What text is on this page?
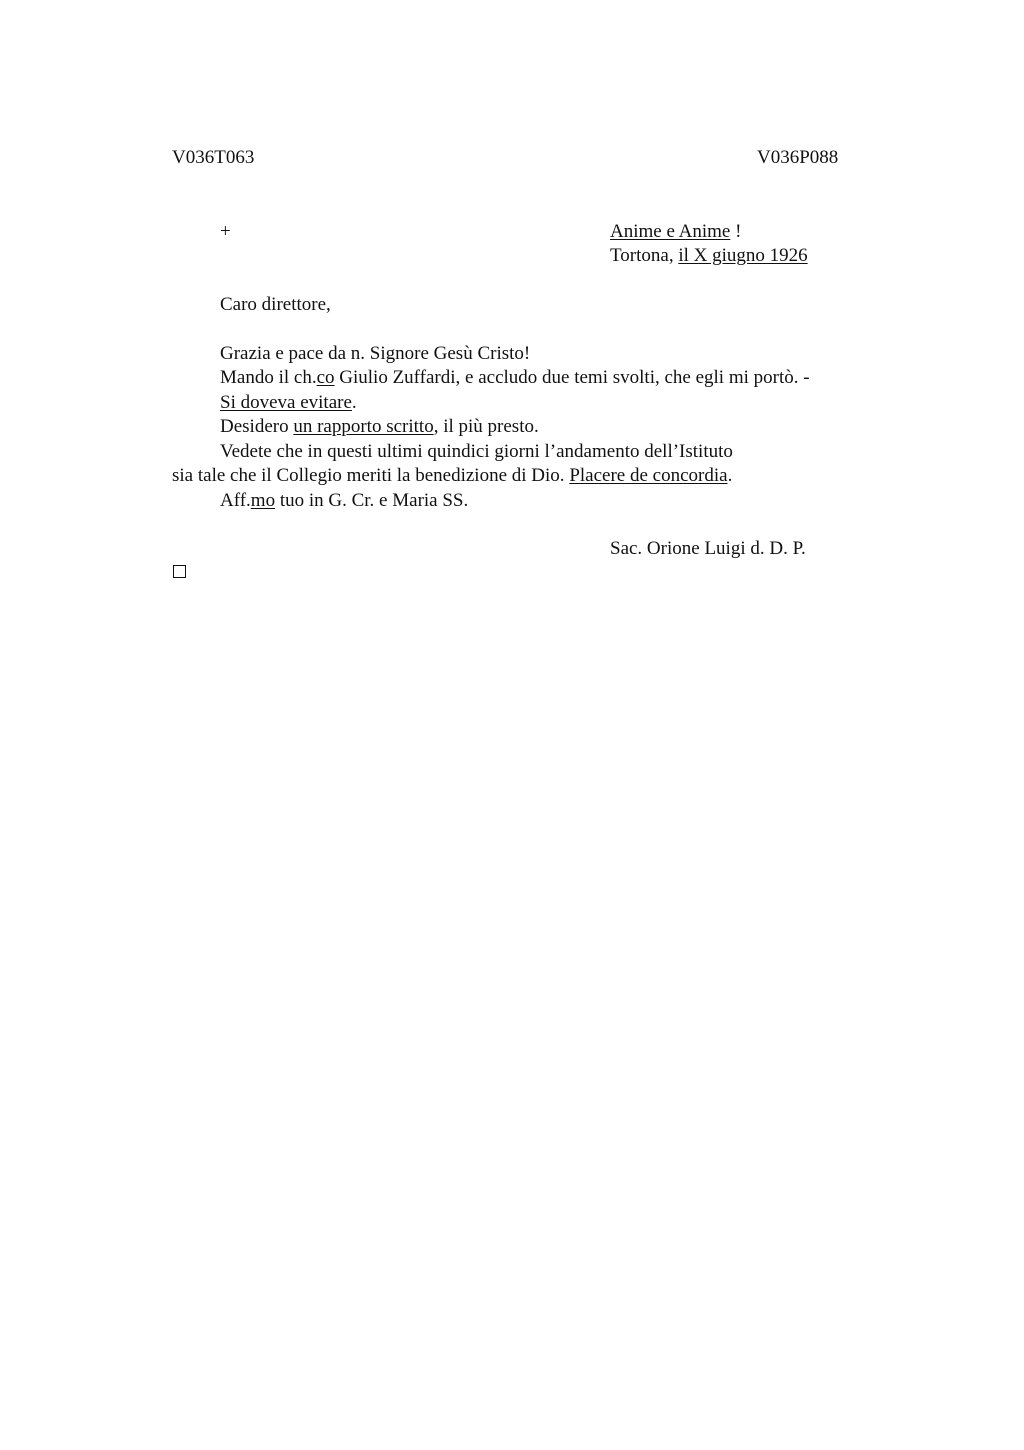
V036T063	V036P088
+	Anime e Anime !
Tortona, il X giugno 1926
Caro direttore,
Grazia e pace da n. Signore Gesù Cristo!
Mando il ch.co Giulio Zuffardi, e accludo due temi svolti, che egli mi portò. -
Si doveva evitare.
Desidero un rapporto scritto, il più presto.
Vedete che in questi ultimi quindici giorni l’andamento dell’Istituto
sia tale che il Collegio meriti la benedizione di Dio. Placere de concordia.
Aff.mo tuo in G. Cr. e Maria SS.
Sac. Orione Luigi d. D. P.
